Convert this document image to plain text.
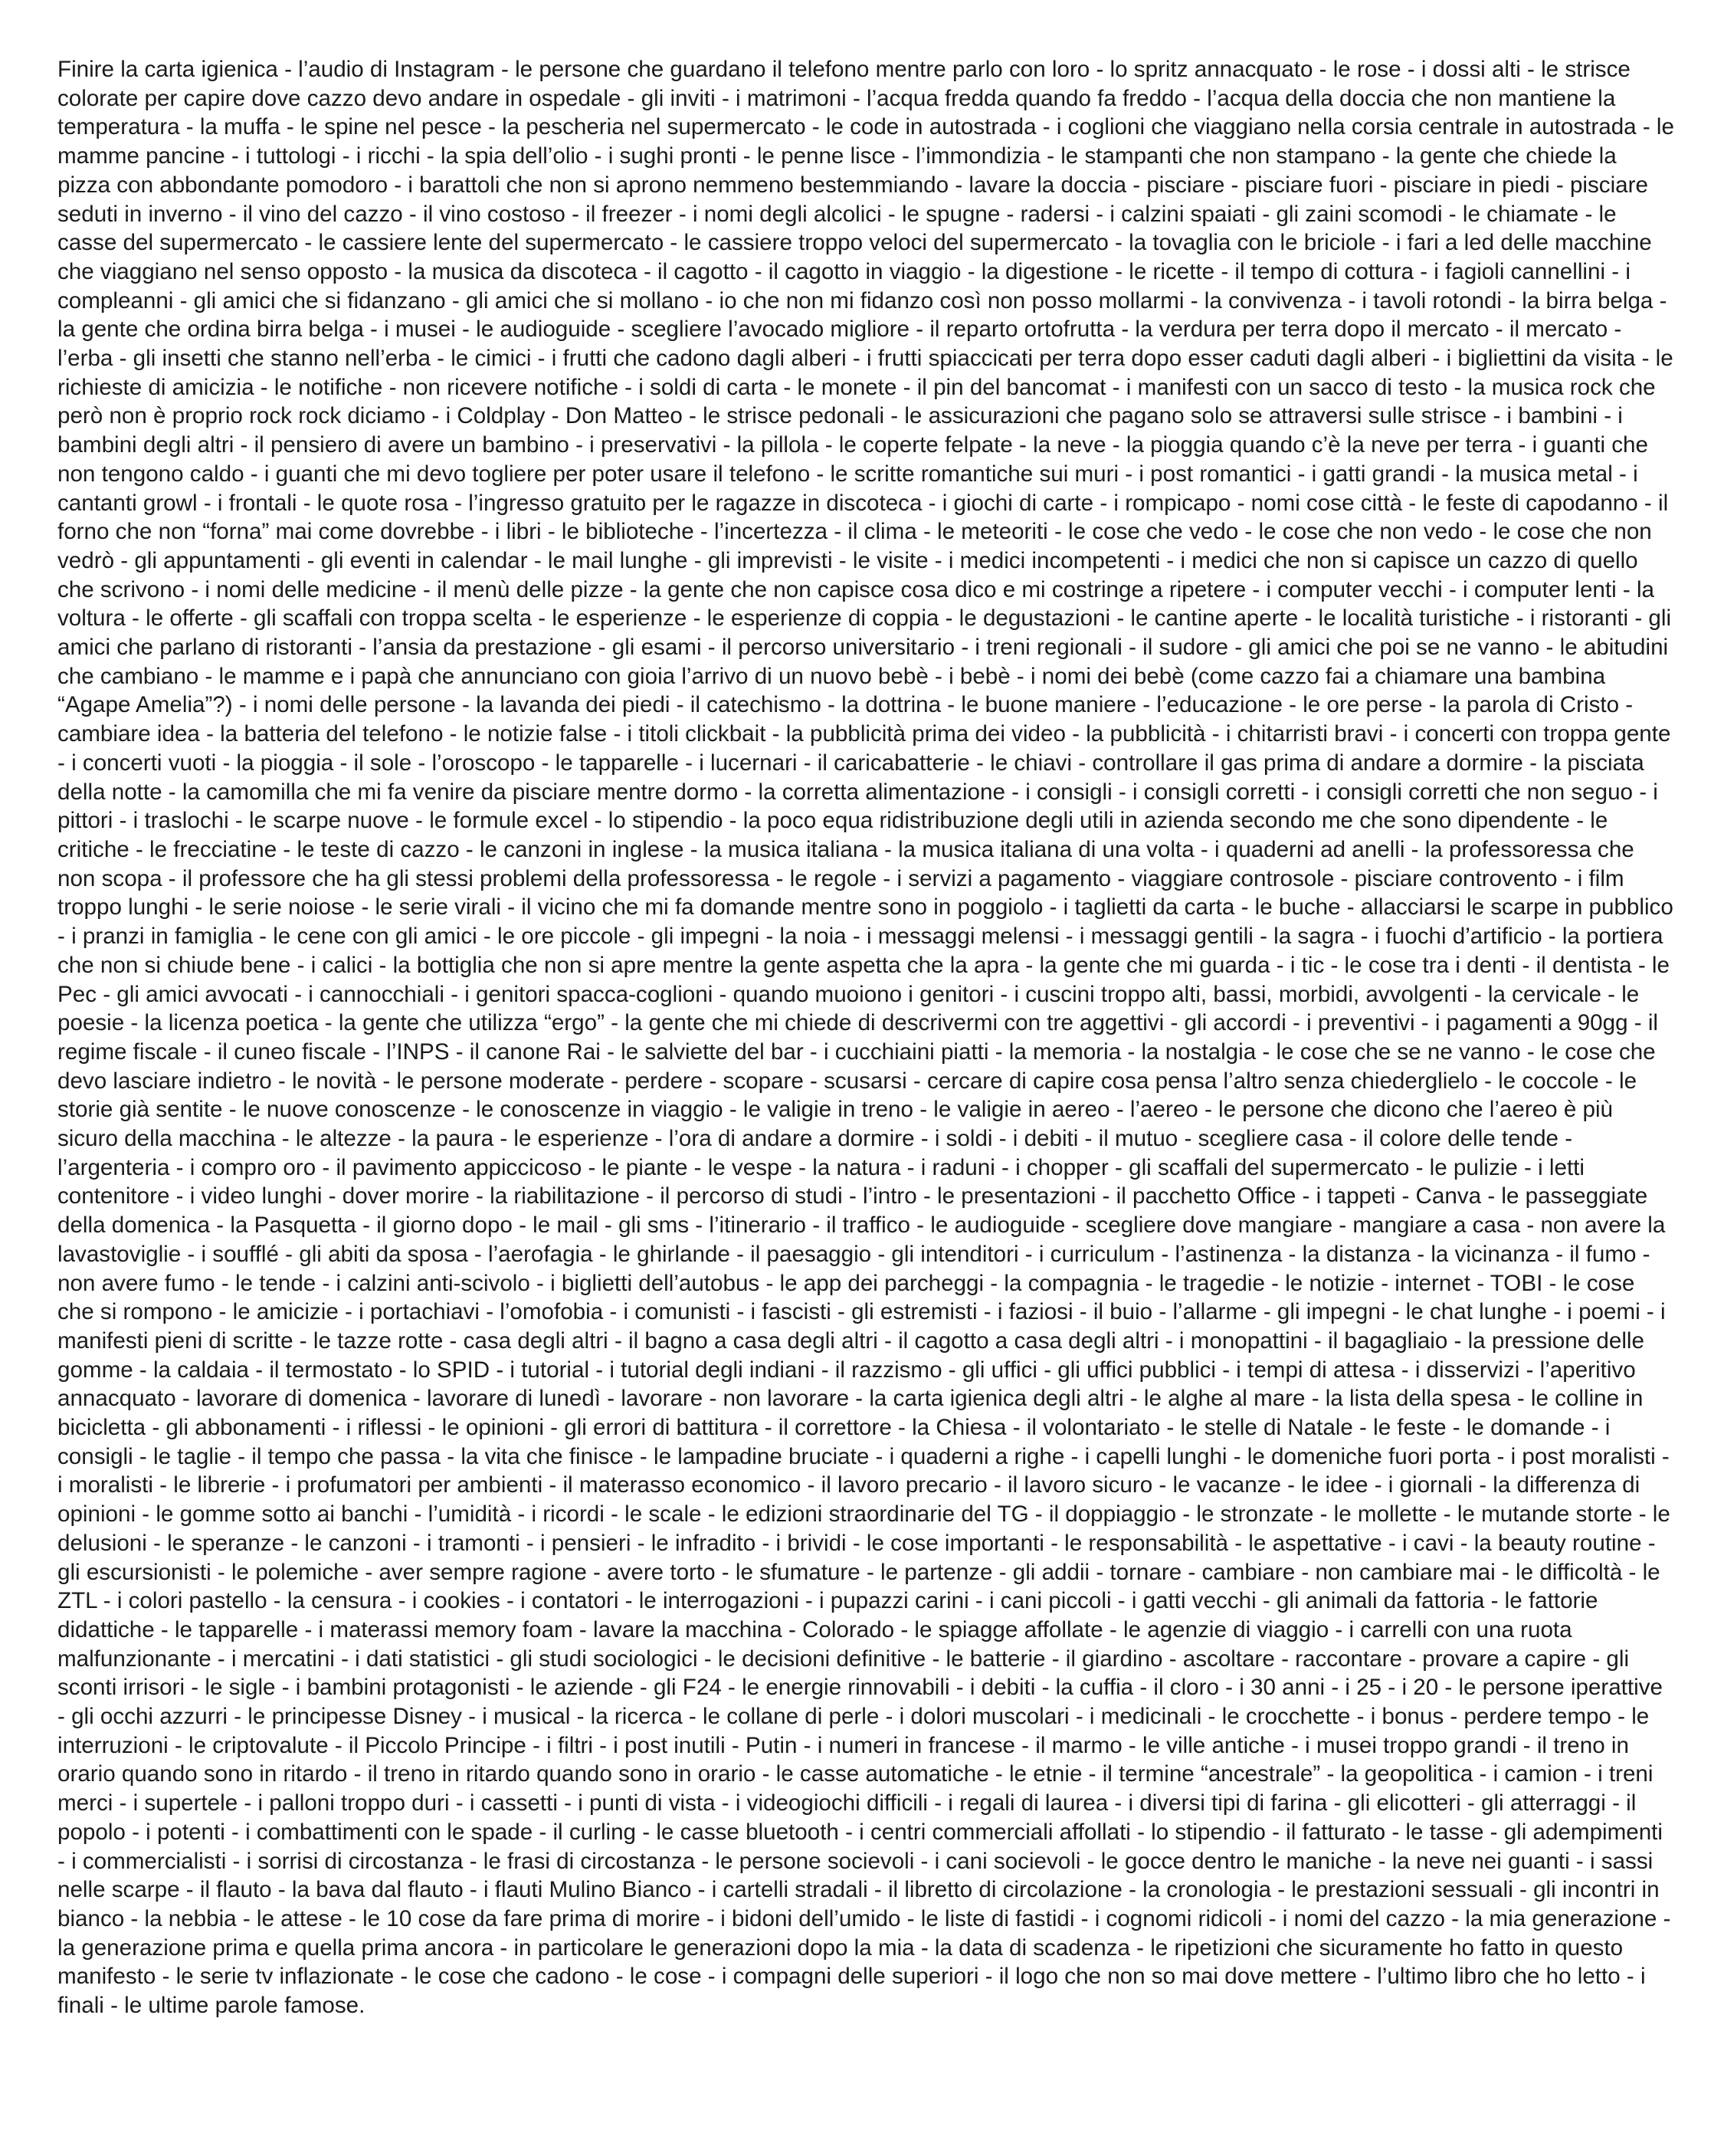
Finire la carta igienica - l’audio di Instagram - le persone che guardano il telefono mentre parlo con loro - lo spritz annacquato - le rose - i dossi alti - le strisce colorate per capire dove cazzo devo andare in ospedale - gli inviti - i matrimoni - l’acqua fredda quando fa freddo - l’acqua della doccia che non mantiene la temperatura - la muffa - le spine nel pesce - la pescheria nel supermercato - le code in autostrada - i coglioni che viaggiano nella corsia centrale in autostrada - le mamme pancine - i tuttologi - i ricchi - la spia dell’olio - i sughi pronti - le penne lisce - l’immondizia - le stampanti che non stampano - la gente che chiede la pizza con abbondante pomodoro - i barattoli che non si aprono nemmeno bestemmiando - lavare la doccia - pisciare - pisciare fuori - pisciare in piedi - pisciare seduti in inverno - il vino del cazzo - il vino costoso - il freezer - i nomi degli alcolici - le spugne - radersi - i calzini spaiati - gli zaini scomodi - le chiamate - le casse del supermercato - le cassiere lente del supermercato - le cassiere troppo veloci del supermercato - la tovaglia con le briciole - i fari a led delle macchine che viaggiano nel senso opposto - la musica da discoteca - il cagotto - il cagotto in viaggio - la digestione - le ricette - il tempo di cottura - i fagioli cannellini - i compleanni - gli amici che si fidanzano - gli amici che si mollano - io che non mi fidanzo così non posso mollarmi - la convivenza - i tavoli rotondi - la birra belga - la gente che ordina birra belga - i musei - le audioguide - scegliere l’avocado migliore - il reparto ortofrutta - la verdura per terra dopo il mercato - il mercato - l’erba - gli insetti che stanno nell’erba - le cimici - i frutti che cadono dagli alberi - i frutti spiaccicati per terra dopo esser caduti dagli alberi - i bigliettini da visita - le richieste di amicizia - le notifiche - non ricevere notifiche - i soldi di carta - le monete - il pin del bancomat - i manifesti con un sacco di testo - la musica rock che però non è proprio rock rock diciamo - i Coldplay - Don Matteo - le strisce pedonali - le assicurazioni che pagano solo se attraversi sulle strisce - i bambini - i bambini degli altri - il pensiero di avere un bambino - i preservativi - la pillola - le coperte felpate - la neve - la pioggia quando c’è la neve per terra - i guanti che non tengono caldo - i guanti che mi devo togliere per poter usare il telefono - le scritte romantiche sui muri - i post romantici - i gatti grandi - la musica metal - i cantanti growl - i frontali - le quote rosa - l’ingresso gratuito per le ragazze in discoteca - i giochi di carte - i rompicapo - nomi cose città - le feste di capodanno - il forno che non “forna” mai come dovrebbe - i libri - le biblioteche - l’incertezza - il clima - le meteoriti - le cose che vedo - le cose che non vedo - le cose che non vedrò - gli appuntamenti - gli eventi in calendar - le mail lunghe - gli imprevisti - le visite - i medici incompetenti - i medici che non si capisce un cazzo di quello che scrivono - i nomi delle medicine - il menù delle pizze - la gente che non capisce cosa dico e mi costringe a ripetere - i computer vecchi - i computer lenti - la voltura - le offerte - gli scaffali con troppa scelta - le esperienze - le esperienze di coppia - le degustazioni - le cantine aperte - le località turistiche - i ristoranti - gli amici che parlano di ristoranti - l’ansia da prestazione - gli esami - il percorso universitario - i treni regionali - il sudore - gli amici che poi se ne vanno - le abitudini che cambiano - le mamme e i papà che annunciano con gioia l’arrivo di un nuovo bebè - i bebè - i nomi dei bebè (come cazzo fai a chiamare una bambina “Agape Amelia”?) - i nomi delle persone - la lavanda dei piedi - il catechismo - la dottrina - le buone maniere - l’educazione - le ore perse - la parola di Cristo - cambiare idea - la batteria del telefono - le notizie false - i titoli clickbait - la pubblicità prima dei video - la pubblicità - i chitarristi bravi - i concerti con troppa gente - i concerti vuoti - la pioggia - il sole - l’oroscopo - le tapparelle - i lucernari - il caricabatterie - le chiavi - controllare il gas prima di andare a dormire - la pisciata della notte - la camomilla che mi fa venire da pisciare mentre dormo - la corretta alimentazione - i consigli - i consigli corretti - i consigli corretti che non seguo - i pittori - i traslochi - le scarpe nuove - le formule excel - lo stipendio - la poco equa ridistribuzione degli utili in azienda secondo me che sono dipendente - le critiche - le frecciatine - le teste di cazzo - le canzoni in inglese - la musica italiana - la musica italiana di una volta - i quaderni ad anelli - la professoressa che non scopa - il professore che ha gli stessi problemi della professoressa - le regole - i servizi a pagamento - viaggiare controsole - pisciare controvento - i film troppo lunghi - le serie noiose - le serie virali - il vicino che mi fa domande mentre sono in poggiolo - i taglietti da carta - le buche - allacciarsi le scarpe in pubblico - i pranzi in famiglia - le cene con gli amici - le ore piccole - gli impegni - la noia - i messaggi melensi - i messaggi gentili - la sagra - i fuochi d’artificio - la portiera che non si chiude bene - i calici - la bottiglia che non si apre mentre la gente aspetta che la apra - la gente che mi guarda - i tic - le cose tra i denti - il dentista - le Pec - gli amici avvocati - i cannocchiali - i genitori spacca-coglioni - quando muoiono i genitori - i cuscini troppo alti, bassi, morbidi, avvolgenti - la cervicale - le poesie - la licenza poetica - la gente che utilizza “ergo” - la gente che mi chiede di descrivermi con tre aggettivi - gli accordi - i preventivi - i pagamenti a 90gg - il regime fiscale - il cuneo fiscale - l’INPS - il canone Rai - le salviette del bar - i cucchiaini piatti - la memoria - la nostalgia - le cose che se ne vanno - le cose che devo lasciare indietro - le novità - le persone moderate - perdere - scopare - scusarsi - cercare di capire cosa pensa l’altro senza chiederglielo - le coccole - le storie già sentite - le nuove conoscenze - le conoscenze in viaggio - le valigie in treno - le valigie in aereo - l’aereo - le persone che dicono che l’aereo è più sicuro della macchina - le altezze - la paura - le esperienze - l’ora di andare a dormire - i soldi - i debiti - il mutuo - scegliere casa - il colore delle tende - l’argenteria - i compro oro - il pavimento appiccicoso - le piante - le vespe - la natura - i raduni - i chopper - gli scaffali del supermercato - le pulizie - i letti contenitore - i video lunghi - dover morire - la riabilitazione - il percorso di studi - l’intro - le presentazioni - il pacchetto Office - i tappeti - Canva - le passeggiate della domenica - la Pasquetta - il giorno dopo - le mail - gli sms - l’itinerario - il traffico - le audioguide - scegliere dove mangiare - mangiare a casa - non avere la lavastoviglie - i soufflé - gli abiti da sposa - l’aerofagia - le ghirlande - il paesaggio - gli intenditori - i curriculum - l’astinenza - la distanza - la vicinanza - il fumo - non avere fumo - le tende - i calzini anti-scivolo - i biglietti dell’autobus - le app dei parcheggi - la compagnia - le tragedie - le notizie - internet - TOBI - le cose che si rompono - le amicizie - i portachiavi - l’omofobia - i comunisti - i fascisti - gli estremisti - i faziosi - il buio - l’allarme - gli impegni - le chat lunghe - i poemi - i manifesti pieni di scritte - le tazze rotte - casa degli altri - il bagno a casa degli altri - il cagotto a casa degli altri - i monopattini - il bagagliaio - la pressione delle gomme - la caldaia - il termostato - lo SPID - i tutorial - i tutorial degli indiani - il razzismo - gli uffici - gli uffici pubblici - i tempi di attesa - i disservizi - l’aperitivo annacquato - lavorare di domenica - lavorare di lunedì - lavorare - non lavorare - la carta igienica degli altri - le alghe al mare - la lista della spesa - le colline in bicicletta - gli abbonamenti - i riflessi - le opinioni - gli errori di battitura - il correttore - la Chiesa - il volontariato - le stelle di Natale - le feste - le domande - i consigli - le taglie - il tempo che passa - la vita che finisce - le lampadine bruciate - i quaderni a righe - i capelli lunghi - le domeniche fuori porta - i post moralisti - i moralisti - le librerie - i profumatori per ambienti - il materasso economico - il lavoro precario - il lavoro sicuro - le vacanze - le idee - i giornali - la differenza di opinioni - le gomme sotto ai banchi - l’umidità - i ricordi - le scale - le edizioni straordinarie del TG - il doppiaggio - le stronzate - le mollette - le mutande storte - le delusioni - le speranze - le canzoni - i tramonti - i pensieri - le infradito - i brividi - le cose importanti - le responsabilità - le aspettative - i cavi - la beauty routine - gli escursionisti - le polemiche - aver sempre ragione - avere torto - le sfumature - le partenze - gli addii - tornare - cambiare - non cambiare mai - le difficoltà - le ZTL - i colori pastello - la censura - i cookies - i contatori - le interrogazioni - i pupazzi carini - i cani piccoli - i gatti vecchi - gli animali da fattoria - le fattorie didattiche - le tapparelle - i materassi memory foam - lavare la macchina - Colorado - le spiagge affollate - le agenzie di viaggio - i carrelli con una ruota malfunzionante - i mercatini - i dati statistici - gli studi sociologici - le decisioni definitive - le batterie - il giardino - ascoltare - raccontare - provare a capire - gli sconti irrisori - le sigle - i bambini protagonisti - le aziende - gli F24 - le energie rinnovabili - i debiti - la cuffia - il cloro - i 30 anni - i 25 - i 20 - le persone iperattive - gli occhi azzurri - le principesse Disney - i musical - la ricerca - le collane di perle - i dolori muscolari - i medicinali - le crocchette - i bonus - perdere tempo - le interruzioni - le criptovalute - il Piccolo Principe - i filtri - i post inutili - Putin - i numeri in francese - il marmo - le ville antiche - i musei troppo grandi - il treno in orario quando sono in ritardo - il treno in ritardo quando sono in orario - le casse automatiche - le etnie - il termine “ancestrale” - la geopolitica - i camion - i treni merci - i supertele - i palloni troppo duri - i cassetti - i punti di vista - i videogiochi difficili - i regali di laurea - i diversi tipi di farina - gli elicotteri - gli atterraggi - il popolo - i potenti - i combattimenti con le spade - il curling - le casse bluetooth - i centri commerciali affollati - lo stipendio - il fatturato - le tasse - gli adempimenti - i commercialisti - i sorrisi di circostanza - le frasi di circostanza - le persone socievoli - i cani socievoli - le gocce dentro le maniche - la neve nei guanti - i sassi nelle scarpe - il flauto - la bava dal flauto - i flauti Mulino Bianco - i cartelli stradali - il libretto di circolazione - la cronologia - le prestazioni sessuali - gli incontri in bianco - la nebbia - le attese - le 10 cose da fare prima di morire - i bidoni dell’umido - le liste di fastidi - i cognomi ridicoli - i nomi del cazzo - la mia generazione - la generazione prima e quella prima ancora - in particolare le generazioni dopo la mia - la data di scadenza - le ripetizioni che sicuramente ho fatto in questo manifesto - le serie tv inflazionate - le cose che cadono - le cose - i compagni delle superiori - il logo che non so mai dove mettere - l’ultimo libro che ho letto - i finali - le ultime parole famose.
